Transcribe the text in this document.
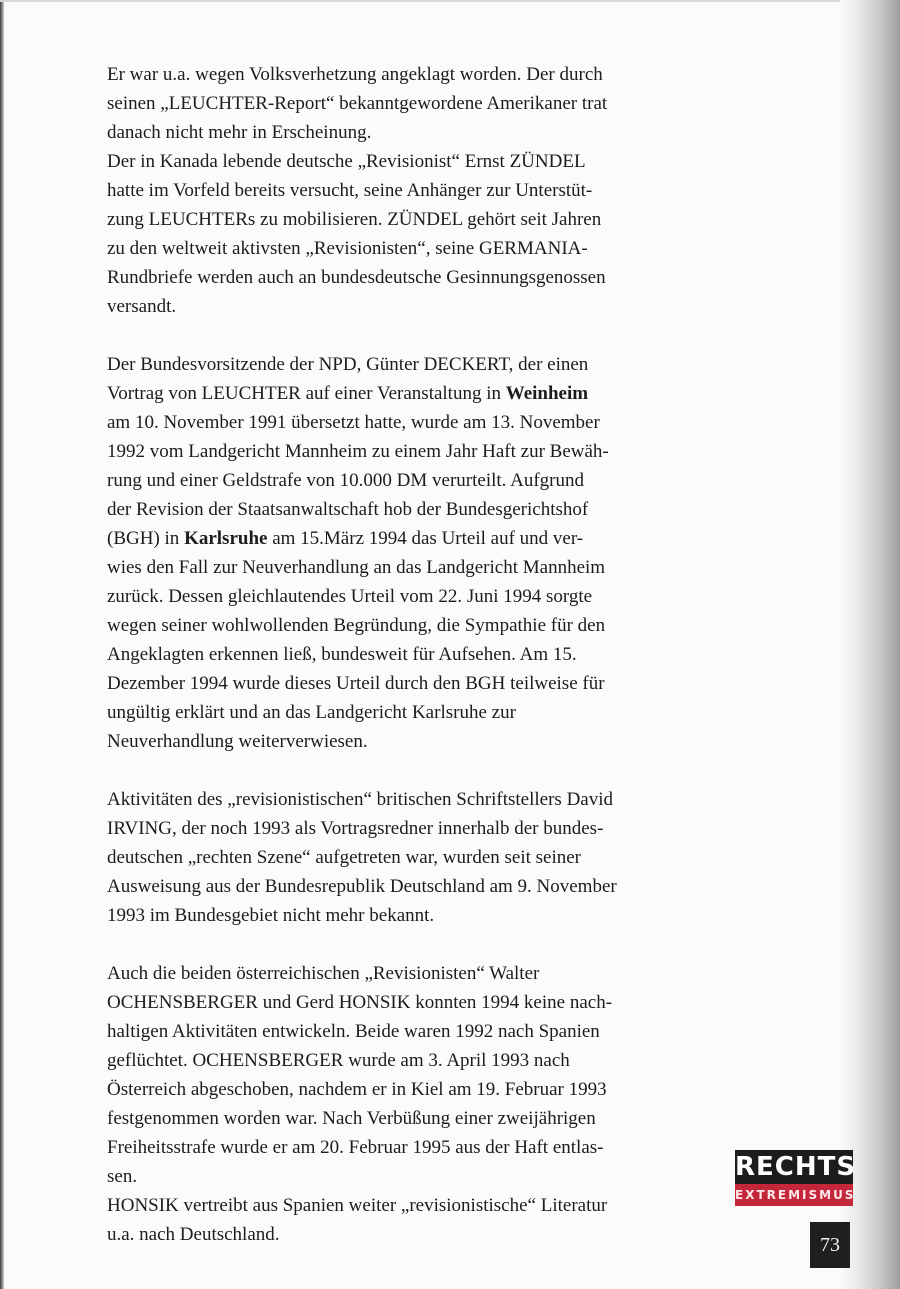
Er war u.a. wegen Volksverhetzung angeklagt worden. Der durch
seinen „LEUCHTER-Report“ bekanntgewordene Amerikaner trat
danach nicht mehr in Erscheinung.

Der in Kanada lebende deutsche „Revisionist“ Ernst ZÜNDEL
hatte im Vorfeld bereits versucht, seine Anhänger zur Unterstüt-
zung LEUCHTERs zu mobilisieren. ZÜNDEL gehört seit Jahren
zu den weltweit aktivsten „Revisionisten“, seine GERMANIA-
Rundbriefe werden auch an bundesdeutsche Gesinnungsgenossen
versandt.

Der Bundesvorsitzende der NPD, Günter DECKERT, der einen
Vortrag von LEUCHTER auf einer Veranstaltung in Weinheim
am 10. November 1991 übersetzt hatte, wurde am 13. November
1992 vom Landgericht Mannheim zu einem Jahr Haft zur Bewäh-
rung und einer Geldstrafe von 10.000 DM verurteilt. Aufgrund
der Revision der Staatsanwaltschaft hob der Bundesgerichtshof
(BGH) in Karlsruhe am 15.März 1994 das Urteil auf und ver-
wies den Fall zur Neuverhandlung an das Landgericht Mannheim
zurück. Dessen gleichlautendes Urteil vom 22. Juni 1994 sorgte
wegen seiner wohlwollenden Begründung, die Sympathie für den
Angeklagten erkennen ließ, bundesweit für Aufsehen. Am 15.
Dezember 1994 wurde dieses Urteil durch den BGH teilweise für
ungültig erklärt und an das Landgericht Karlsruhe zur
Neuverhandlung weiterverwiesen.

Aktivitäten des „revisionistischen“ britischen Schriftstellers David
IRVING, der noch 1993 als Vortragsredner innerhalb der bundes-
deutschen „rechten Szene“ aufgetreten war, wurden seit seiner
Ausweisung aus der Bundesrepublik Deutschland am 9. November
1993 im Bundesgebiet nicht mehr bekannt.

Auch die beiden österreichischen „Revisionisten“ Walter
OCHENSBERGER und Gerd HONSIK konnten 1994 keine nach-
haltigen Aktivitäten entwickeln. Beide waren 1992 nach Spanien
geflüchtet. OCHENSBERGER wurde am 3. April 1993 nach
Österreich abgeschoben, nachdem er in Kiel am 19. Februar 1993
festgenommen worden war. Nach Verbüßung einer zweijährigen
Freiheitsstrafe wurde er am 20. Februar 1995 aus der Haft entlas-
sen.

HONSIK vertreibt aus Spanien weiter „revisionistische“ Literatur
u.a. nach Deutschland.

RECHTS
EXTREMISMUS
73
